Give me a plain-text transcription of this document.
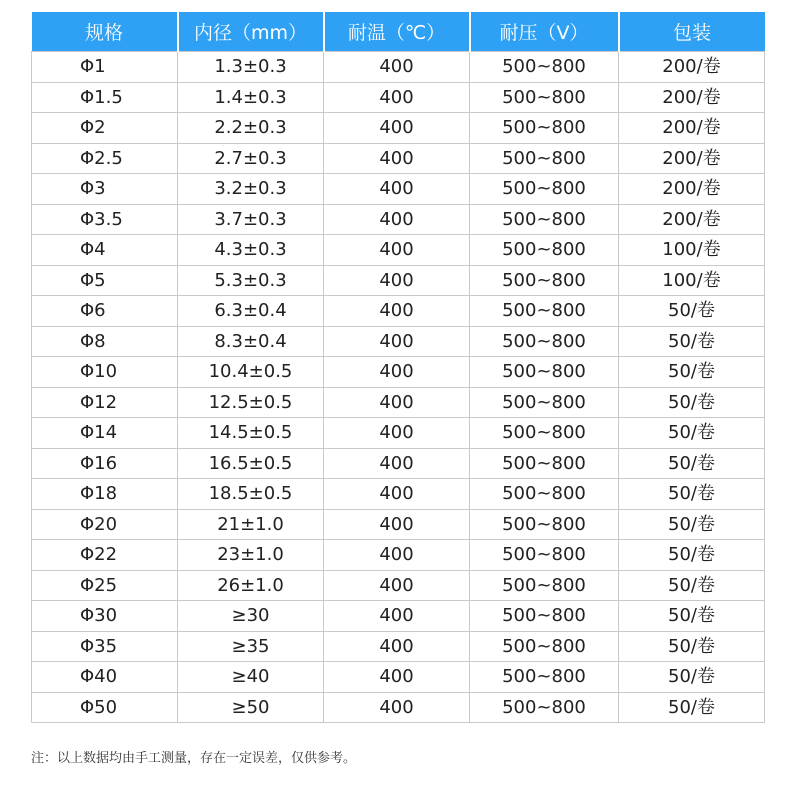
规格	内径（mm）	耐温（℃）	耐压（V）	包装
Φ1	1.3±0.3	400	500~800	200/卷
Φ1.5	1.4±0.3	400	500~800	200/卷
Φ2	2.2±0.3	400	500~800	200/卷
Φ2.5	2.7±0.3	400	500~800	200/卷
Φ3	3.2±0.3	400	500~800	200/卷
Φ3.5	3.7±0.3	400	500~800	200/卷
Φ4	4.3±0.3	400	500~800	100/卷
Φ5	5.3±0.3	400	500~800	100/卷
Φ6	6.3±0.4	400	500~800	50/卷
Φ8	8.3±0.4	400	500~800	50/卷
Φ10	10.4±0.5	400	500~800	50/卷
Φ12	12.5±0.5	400	500~800	50/卷
Φ14	14.5±0.5	400	500~800	50/卷
Φ16	16.5±0.5	400	500~800	50/卷
Φ18	18.5±0.5	400	500~800	50/卷
Φ20	21±1.0	400	500~800	50/卷
Φ22	23±1.0	400	500~800	50/卷
Φ25	26±1.0	400	500~800	50/卷
Φ30	≥30	400	500~800	50/卷
Φ35	≥35	400	500~800	50/卷
Φ40	≥40	400	500~800	50/卷
Φ50	≥50	400	500~800	50/卷
注：以上数据均由手工测量，存在一定误差，仅供参考。
